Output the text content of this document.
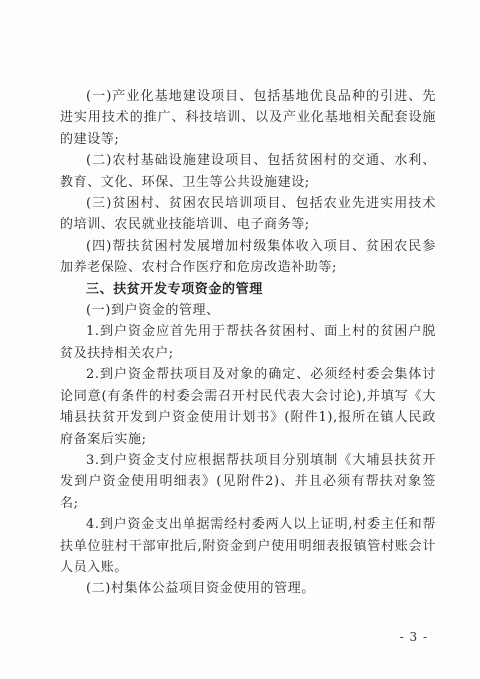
(一)产业化基地建设项目、包括基地优良品种的引进、先进实用技术的推广、科技培训、以及产业化基地相关配套设施的建设等;

(二)农村基础设施建设项目、包括贫困村的交通、水利、教育、文化、环保、卫生等公共设施建设;

(三)贫困村、贫困农民培训项目、包括农业先进实用技术的培训、农民就业技能培训、电子商务等;

(四)帮扶贫困村发展增加村级集体收入项目、贫困农民参加养老保险、农村合作医疗和危房改造补助等;

三、扶贫开发专项资金的管理

(一)到户资金的管理、

1.到户资金应首先用于帮扶各贫困村、面上村的贫困户脱贫及扶持相关农户;

2.到户资金帮扶项目及对象的确定、必须经村委会集体讨论同意(有条件的村委会需召开村民代表大会讨论),并填写《大埔县扶贫开发到户资金使用计划书》(附件1),报所在镇人民政府备案后实施;

3.到户资金支付应根据帮扶项目分别填制《大埔县扶贫开发到户资金使用明细表》(见附件2)、并且必须有帮扶对象签名;

4.到户资金支出单据需经村委两人以上证明,村委主任和帮扶单位驻村干部审批后,附资金到户使用明细表报镇管村账会计人员入账。

(二)村集体公益项目资金使用的管理。

- 3 -
